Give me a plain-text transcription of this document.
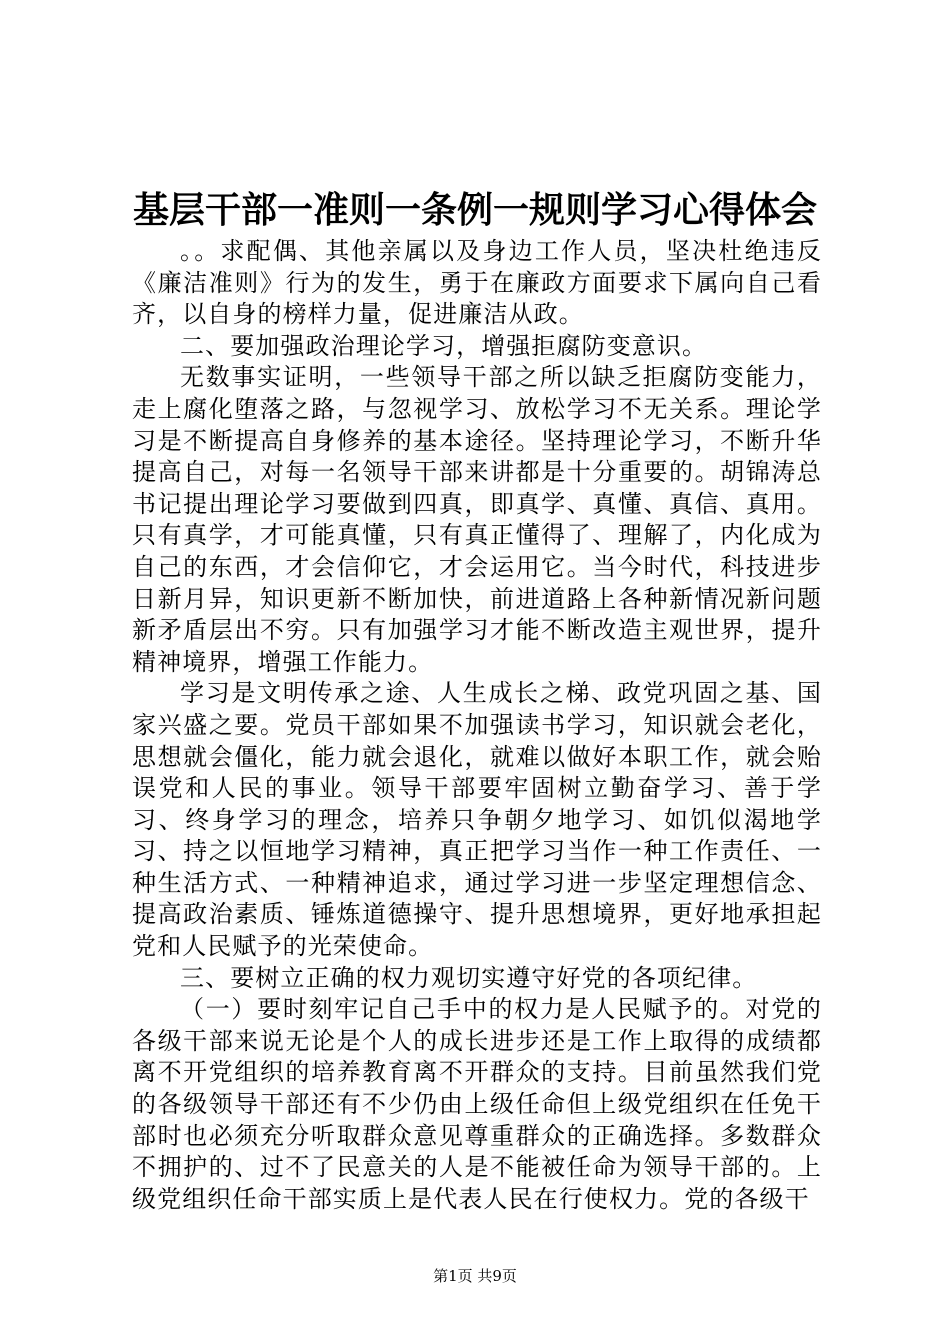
基层干部一准则一条例一规则学习心得体会

。。求配偶、其他亲属以及身边工作人员，坚决杜绝违反《廉洁准则》行为的发生，勇于在廉政方面要求下属向自己看齐，以自身的榜样力量，促进廉洁从政。

二、要加强政治理论学习，增强拒腐防变意识。

无数事实证明，一些领导干部之所以缺乏拒腐防变能力，走上腐化堕落之路，与忽视学习、放松学习不无关系。理论学习是不断提高自身修养的基本途径。坚持理论学习，不断升华提高自己，对每一名领导干部来讲都是十分重要的。胡锦涛总书记提出理论学习要做到四真，即真学、真懂、真信、真用。只有真学，才可能真懂，只有真正懂得了、理解了，内化成为自己的东西，才会信仰它，才会运用它。当今时代，科技进步日新月异，知识更新不断加快，前进道路上各种新情况新问题新矛盾层出不穷。只有加强学习才能不断改造主观世界，提升精神境界，增强工作能力。

学习是文明传承之途、人生成长之梯、政党巩固之基、国家兴盛之要。党员干部如果不加强读书学习，知识就会老化，思想就会僵化，能力就会退化，就难以做好本职工作，就会贻误党和人民的事业。领导干部要牢固树立勤奋学习、善于学习、终身学习的理念，培养只争朝夕地学习、如饥似渴地学习、持之以恒地学习精神，真正把学习当作一种工作责任、一种生活方式、一种精神追求，通过学习进一步坚定理想信念、提高政治素质、锤炼道德操守、提升思想境界，更好地承担起党和人民赋予的光荣使命。

三、要树立正确的权力观切实遵守好党的各项纪律。

（一）要时刻牢记自己手中的权力是人民赋予的。对党的各级干部来说无论是个人的成长进步还是工作上取得的成绩都离不开党组织的培养教育离不开群众的支持。目前虽然我们党的各级领导干部还有不少仍由上级任命但上级党组织在任免干部时也必须充分听取群众意见尊重群众的正确选择。多数群众不拥护的、过不了民意关的人是不能被任命为领导干部的。上级党组织任命干部实质上是代表人民在行使权力。党的各级干

第1页 共9页
